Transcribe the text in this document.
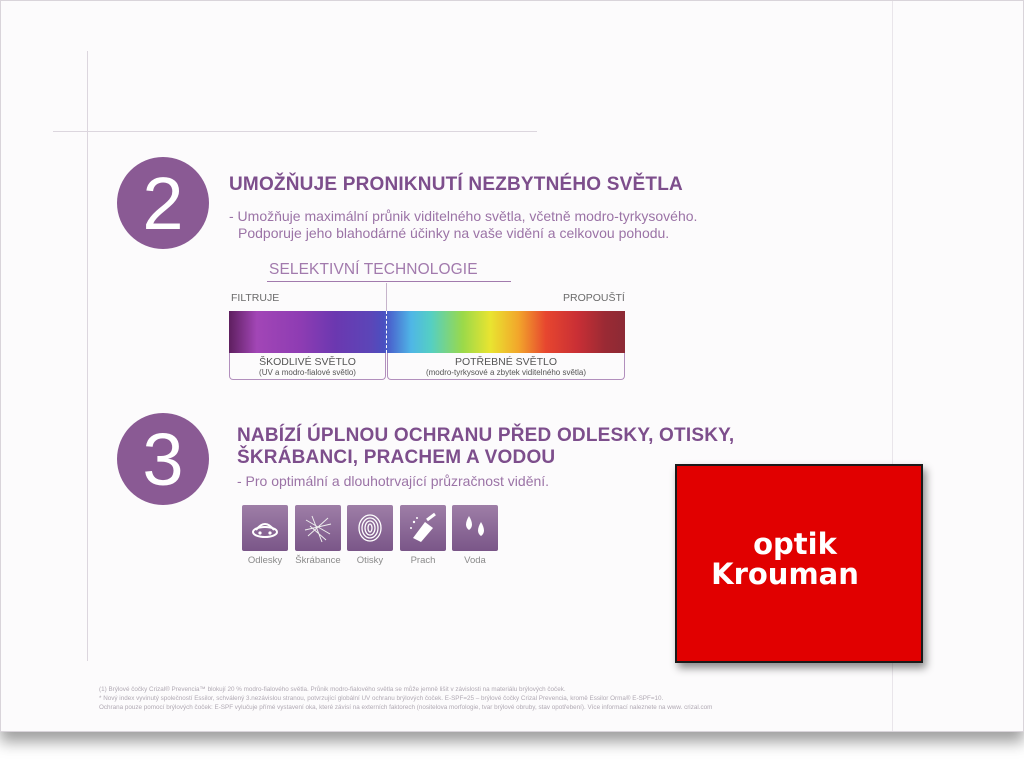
2	UMOŽŇUJE PRONIKNUTÍ NEZBYTNÉHO SVĚTLA
- Umožňuje maximální průnik viditelného světla, včetně modro-tyrkysového.
Podporuje jeho blahodárné účinky na vaše vidění a celkovou pohodu.
SELEKTIVNÍ TECHNOLOGIE
FILTRUJE	PROPOUŠTÍ
ŠKODLIVÉ SVĚTLO
(UV a modro-fialové světlo)
POTŘEBNÉ SVĚTLO
(modro-tyrkysové a zbytek viditelného světla)
3	NABÍZÍ ÚPLNOU OCHRANU PŘED ODLESKY, OTISKY,
ŠKRÁBANCI, PRACHEM A VODOU
- Pro optimální a dlouhotrvající průzračnost vidění.
Odlesky	Škrábance	Otisky	Prach	Voda
(1) Brýlové čočky Crizal® Prevencia™ blokují 20 % modro-fialového světla. Průnik modro-fialového světla se může jemně lišit v závislosti na materiálu brýlových čoček.
* Nový index vyvinutý společností Essilor, schválený 3.nezávislou stranou, potvrzující globální UV ochranu brýlových čoček. E-SPF=25 – brýlové čočky Crizal Prevencia, kromě Essilor Orma® E-SPF=10.
Ochrana pouze pomocí brýlových čoček: E-SPF vylučuje přímé vystavení oka, které závisí na externích faktorech (nositelova morfologie, tvar brýlové obruby, stav opotřebení). Více informací naleznete na www. crizal.com
optik
Krouman
